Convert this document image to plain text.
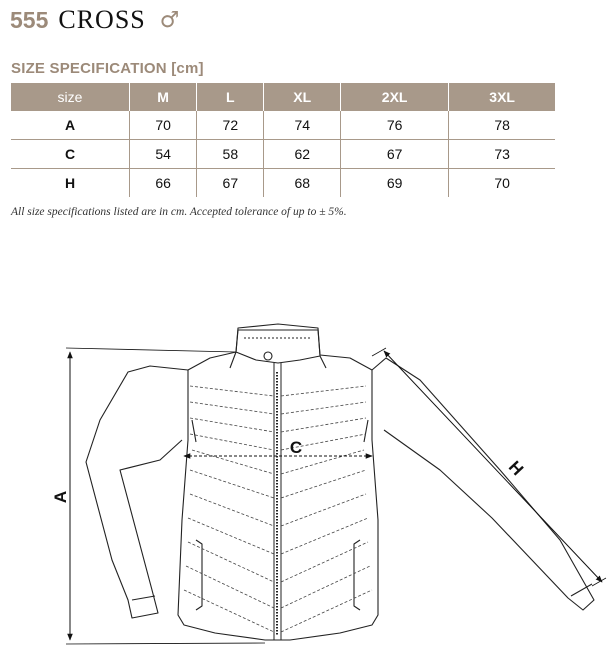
555 CROSS ♂
SIZE SPECIFICATION [cm]
size	M	L	XL	2XL	3XL
A	70	72	74	76	78
C	54	58	62	67	73
H	66	67	68	69	70
All size specifications listed are in cm. Accepted tolerance of up to ± 5%.
A
C
H
